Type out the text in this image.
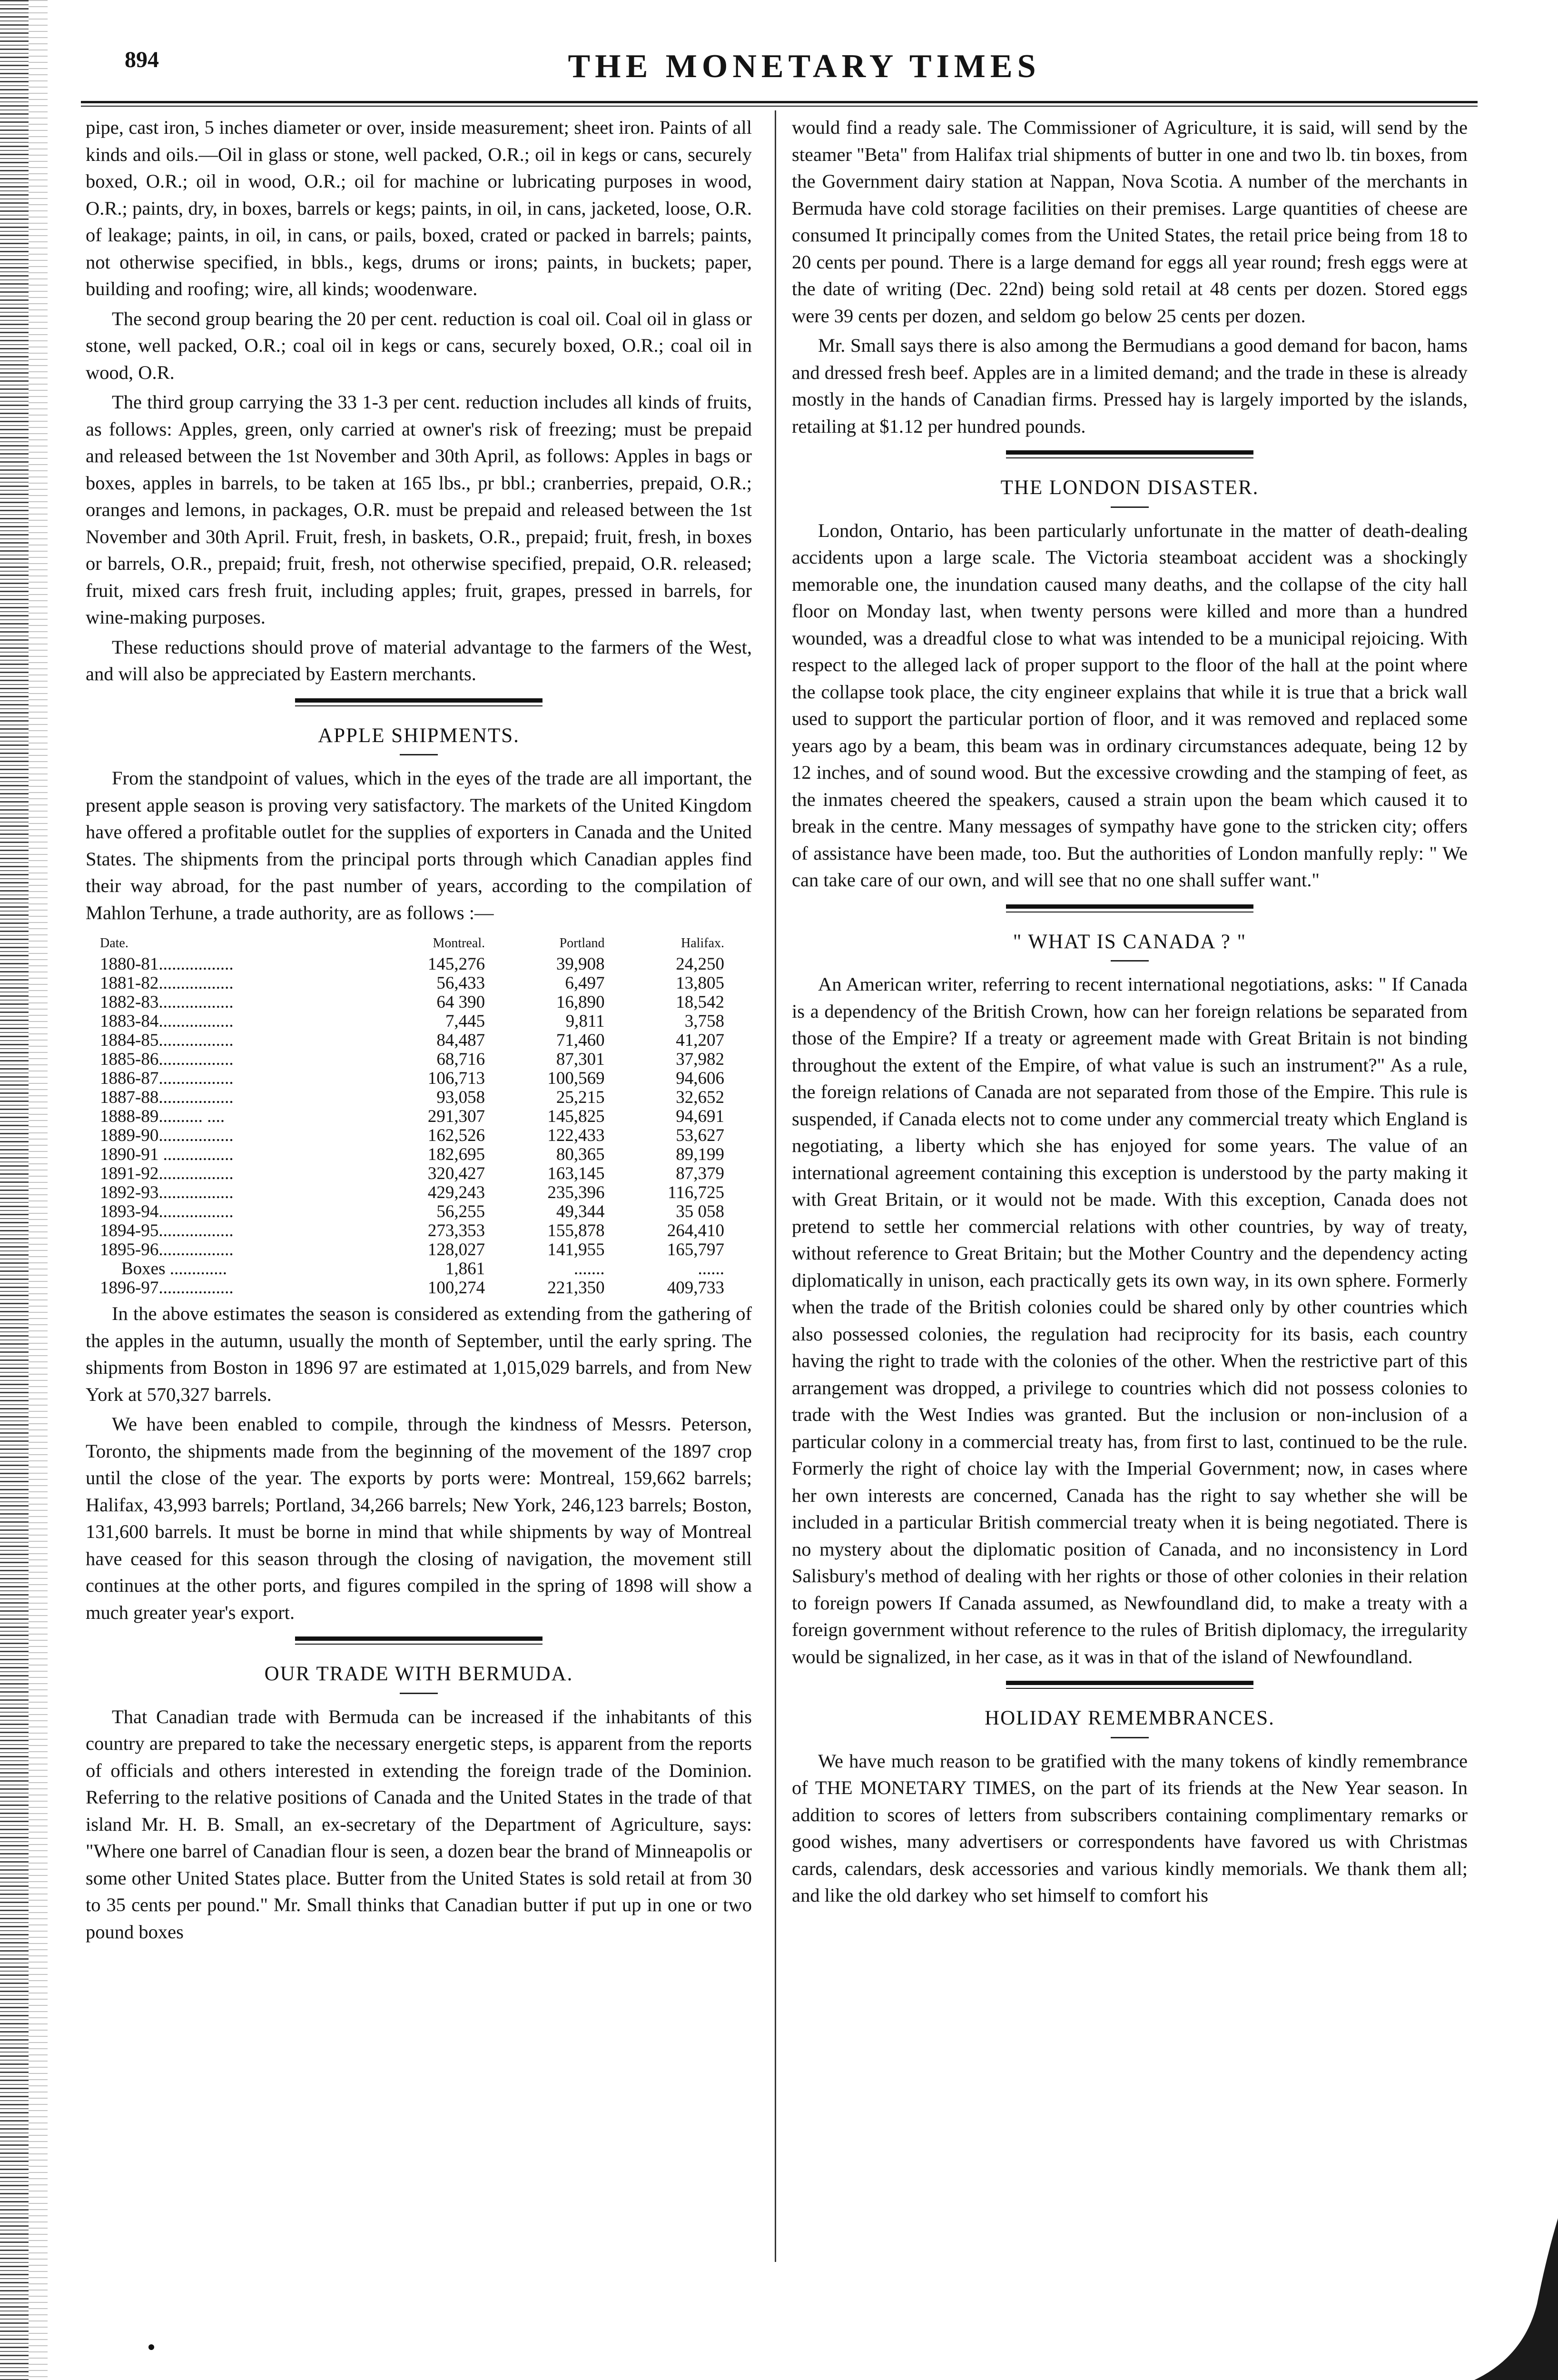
894	THE MONETARY TIMES

pipe, cast iron, 5 inches diameter or over, inside measurement; sheet iron. Paints of all kinds and oils.—Oil in glass or stone, well packed, O.R.; oil in kegs or cans, securely boxed, O.R.; oil in wood, O.R.; oil for machine or lubricating purposes in wood, O.R.; paints, dry, in boxes, barrels or kegs; paints, in oil, in cans, jacketed, loose, O.R. of leakage; paints, in oil, in cans, or pails, boxed, crated or packed in barrels; paints, not otherwise specified, in bbls., kegs, drums or irons; paints, in buckets; paper, building and roofing; wire, all kinds; woodenware.

The second group bearing the 20 per cent. reduction is coal oil. Coal oil in glass or stone, well packed, O.R.; coal oil in kegs or cans, securely boxed, O.R.; coal oil in wood, O.R.

The third group carrying the 33 1-3 per cent. reduction includes all kinds of fruits, as follows: Apples, green, only carried at owner's risk of freezing; must be prepaid and released between the 1st November and 30th April, as follows: Apples in bags or boxes, apples in barrels, to be taken at 165 lbs., pr bbl.; cranberries, prepaid, O.R.; oranges and lemons, in packages, O.R. must be prepaid and released between the 1st November and 30th April. Fruit, fresh, in baskets, O.R., prepaid; fruit, fresh, in boxes or barrels, O.R., prepaid; fruit, fresh, not otherwise specified, prepaid, O.R. released; fruit, mixed cars fresh fruit, including apples; fruit, grapes, pressed in barrels, for wine-making purposes.

These reductions should prove of material advantage to the farmers of the West, and will also be appreciated by Eastern merchants.

APPLE SHIPMENTS.

From the standpoint of values, which in the eyes of the trade are all important, the present apple season is proving very satisfactory. The markets of the United Kingdom have offered a profitable outlet for the supplies of exporters in Canada and the United States. The shipments from the principal ports through which Canadian apples find their way abroad, for the past number of years, according to the compilation of Mahlon Terhune, a trade authority, are as follows :—

Date.	Montreal.	Portland	Halifax.
1880-81.................	145,276	39,908	24,250
1881-82.................	56,433	6,497	13,805
1882-83.................	64 390	16,890	18,542
1883-84.................	7,445	9,811	3,758
1884-85.................	84,487	71,460	41,207
1885-86.................	68,716	87,301	37,982
1886-87.................	106,713	100,569	94,606
1887-88.................	93,058	25,215	32,652
1888-89.......... ....	291,307	145,825	94,691
1889-90.................	162,526	122,433	53,627
1890-91 ................	182,695	80,365	89,199
1891-92.................	320,427	163,145	87,379
1892-93.................	429,243	235,396	116,725
1893-94.................	56,255	49,344	35 058
1894-95.................	273,353	155,878	264,410
1895-96.................	128,027	141,955	165,797
Boxes .............	1,861	.......	......
1896-97.................	100,274	221,350	409,733

In the above estimates the season is considered as extending from the gathering of the apples in the autumn, usually the month of September, until the early spring. The shipments from Boston in 1896 97 are estimated at 1,015,029 barrels, and from New York at 570,327 barrels.

We have been enabled to compile, through the kindness of Messrs. Peterson, Toronto, the shipments made from the beginning of the movement of the 1897 crop until the close of the year. The exports by ports were: Montreal, 159,662 barrels; Halifax, 43,993 barrels; Portland, 34,266 barrels; New York, 246,123 barrels; Boston, 131,600 barrels. It must be borne in mind that while shipments by way of Montreal have ceased for this season through the closing of navigation, the movement still continues at the other ports, and figures compiled in the spring of 1898 will show a much greater year's export.

OUR TRADE WITH BERMUDA.

That Canadian trade with Bermuda can be increased if the inhabitants of this country are prepared to take the necessary energetic steps, is apparent from the reports of officials and others interested in extending the foreign trade of the Dominion. Referring to the relative positions of Canada and the United States in the trade of that island Mr. H. B. Small, an ex-secretary of the Department of Agriculture, says: "Where one barrel of Canadian flour is seen, a dozen bear the brand of Minneapolis or some other United States place. Butter from the United States is sold retail at from 30 to 35 cents per pound." Mr. Small thinks that Canadian butter if put up in one or two pound boxes

would find a ready sale. The Commissioner of Agriculture, it is said, will send by the steamer "Beta" from Halifax trial shipments of butter in one and two lb. tin boxes, from the Government dairy station at Nappan, Nova Scotia. A number of the merchants in Bermuda have cold storage facilities on their premises. Large quantities of cheese are consumed It principally comes from the United States, the retail price being from 18 to 20 cents per pound. There is a large demand for eggs all year round; fresh eggs were at the date of writing (Dec. 22nd) being sold retail at 48 cents per dozen. Stored eggs were 39 cents per dozen, and seldom go below 25 cents per dozen.

Mr. Small says there is also among the Bermudians a good demand for bacon, hams and dressed fresh beef. Apples are in a limited demand; and the trade in these is already mostly in the hands of Canadian firms. Pressed hay is largely imported by the islands, retailing at $1.12 per hundred pounds.

THE LONDON DISASTER.

London, Ontario, has been particularly unfortunate in the matter of death-dealing accidents upon a large scale. The Victoria steamboat accident was a shockingly memorable one, the inundation caused many deaths, and the collapse of the city hall floor on Monday last, when twenty persons were killed and more than a hundred wounded, was a dreadful close to what was intended to be a municipal rejoicing. With respect to the alleged lack of proper support to the floor of the hall at the point where the collapse took place, the city engineer explains that while it is true that a brick wall used to support the particular portion of floor, and it was removed and replaced some years ago by a beam, this beam was in ordinary circumstances adequate, being 12 by 12 inches, and of sound wood. But the excessive crowding and the stamping of feet, as the inmates cheered the speakers, caused a strain upon the beam which caused it to break in the centre. Many messages of sympathy have gone to the stricken city; offers of assistance have been made, too. But the authorities of London manfully reply: " We can take care of our own, and will see that no one shall suffer want."

" WHAT IS CANADA ? "

An American writer, referring to recent international negotiations, asks: " If Canada is a dependency of the British Crown, how can her foreign relations be separated from those of the Empire? If a treaty or agreement made with Great Britain is not binding throughout the extent of the Empire, of what value is such an instrument?" As a rule, the foreign relations of Canada are not separated from those of the Empire. This rule is suspended, if Canada elects not to come under any commercial treaty which England is negotiating, a liberty which she has enjoyed for some years. The value of an international agreement containing this exception is understood by the party making it with Great Britain, or it would not be made. With this exception, Canada does not pretend to settle her commercial relations with other countries, by way of treaty, without reference to Great Britain; but the Mother Country and the dependency acting diplomatically in unison, each practically gets its own way, in its own sphere. Formerly when the trade of the British colonies could be shared only by other countries which also possessed colonies, the regulation had reciprocity for its basis, each country having the right to trade with the colonies of the other. When the restrictive part of this arrangement was dropped, a privilege to countries which did not possess colonies to trade with the West Indies was granted. But the inclusion or non-inclusion of a particular colony in a commercial treaty has, from first to last, continued to be the rule. Formerly the right of choice lay with the Imperial Government; now, in cases where her own interests are concerned, Canada has the right to say whether she will be included in a particular British commercial treaty when it is being negotiated. There is no mystery about the diplomatic position of Canada, and no inconsistency in Lord Salisbury's method of dealing with her rights or those of other colonies in their relation to foreign powers If Canada assumed, as Newfoundland did, to make a treaty with a foreign government without reference to the rules of British diplomacy, the irregularity would be signalized, in her case, as it was in that of the island of Newfoundland.

HOLIDAY REMEMBRANCES.

We have much reason to be gratified with the many tokens of kindly remembrance of THE MONETARY TIMES, on the part of its friends at the New Year season. In addition to scores of letters from subscribers containing complimentary remarks or good wishes, many advertisers or correspondents have favored us with Christmas cards, calendars, desk accessories and various kindly memorials. We thank them all; and like the old darkey who set himself to comfort his
